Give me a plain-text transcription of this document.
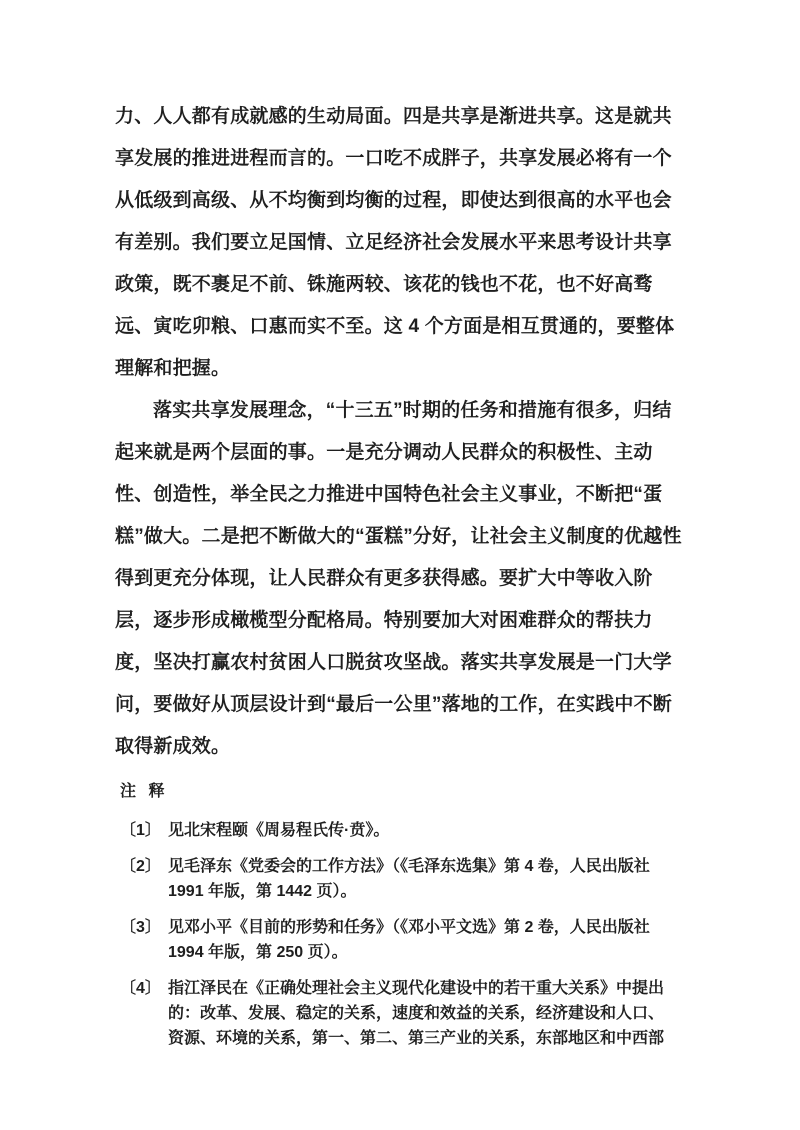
力、人人都有成就感的生动局面。四是共享是渐进共享。这是就共
享发展的推进进程而言的。一口吃不成胖子，共享发展必将有一个
从低级到高级、从不均衡到均衡的过程，即使达到很高的水平也会
有差别。我们要立足国情、立足经济社会发展水平来思考设计共享
政策，既不裹足不前、铢施两较、该花的钱也不花，也不好高骛
远、寅吃卯粮、口惠而实不至。这 4 个方面是相互贯通的，要整体
理解和把握。
落实共享发展理念，“十三五”时期的任务和措施有很多，归结
起来就是两个层面的事。一是充分调动人民群众的积极性、主动
性、创造性，举全民之力推进中国特色社会主义事业，不断把“蛋
糕”做大。二是把不断做大的“蛋糕”分好，让社会主义制度的优越性
得到更充分体现，让人民群众有更多获得感。要扩大中等收入阶
层，逐步形成橄榄型分配格局。特别要加大对困难群众的帮扶力
度，坚决打赢农村贫困人口脱贫攻坚战。落实共享发展是一门大学
问，要做好从顶层设计到“最后一公里”落地的工作，在实践中不断
取得新成效。
注 释
〔1〕 见北宋程颐《周易程氏传·贲》。
〔2〕 见毛泽东《党委会的工作方法》（《毛泽东选集》第 4 卷，人民出版社
1991 年版，第 1442 页）。
〔3〕 见邓小平《目前的形势和任务》（《邓小平文选》第 2 卷，人民出版社
1994 年版，第 250 页）。
〔4〕 指江泽民在《正确处理社会主义现代化建设中的若干重大关系》中提出
的：改革、发展、稳定的关系，速度和效益的关系，经济建设和人口、
资源、环境的关系，第一、第二、第三产业的关系，东部地区和中西部
